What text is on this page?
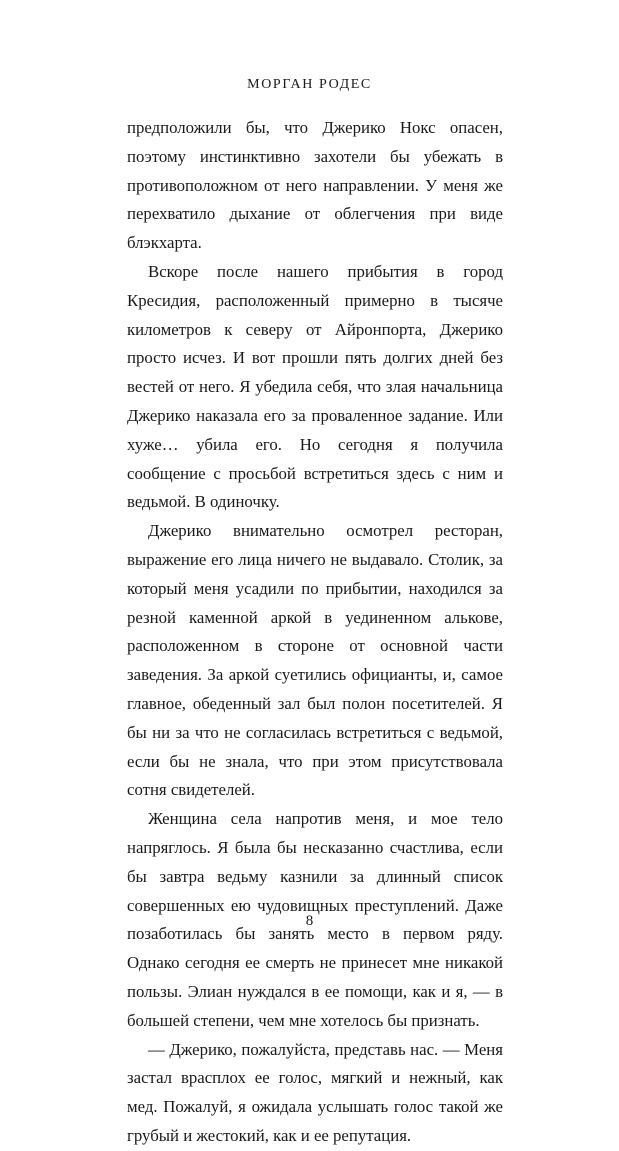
МОРГАН РОДЕС

предположили бы, что Джерико Нокс опасен, поэтому инстинктивно захотели бы убежать в противоположном от него направлении. У меня же перехватило дыхание от облегчения при виде блэкхарта.

Вскоре после нашего прибытия в город Кресидия, расположенный примерно в тысяче километров к северу от Айронпорта, Джерико просто исчез. И вот прошли пять долгих дней без вестей от него. Я убедила себя, что злая начальница Джерико наказала его за проваленное задание. Или хуже… убила его. Но сегодня я получила сообщение с просьбой встретиться здесь с ним и ведьмой. В одиночку.

Джерико внимательно осмотрел ресторан, выражение его лица ничего не выдавало. Столик, за который меня усадили по прибытии, находился за резной каменной аркой в уединенном алькове, расположенном в стороне от основной части заведения. За аркой суетились официанты, и, самое главное, обеденный зал был полон посетителей. Я бы ни за что не согласилась встретиться с ведьмой, если бы не знала, что при этом присутствовала сотня свидетелей.

Женщина села напротив меня, и мое тело напряглось. Я была бы несказанно счастлива, если бы завтра ведьму казнили за длинный список совершенных ею чудовищных преступлений. Даже позаботилась бы занять место в первом ряду. Однако сегодня ее смерть не принесет мне никакой пользы. Элиан нуждался в ее помощи, как и я, — в большей степени, чем мне хотелось бы признать.

— Джерико, пожалуйста, представь нас. — Меня застал врасплох ее голос, мягкий и нежный, как мед. Пожалуй, я ожидала услышать голос такой же грубый и жестокий, как и ее репутация.

8
